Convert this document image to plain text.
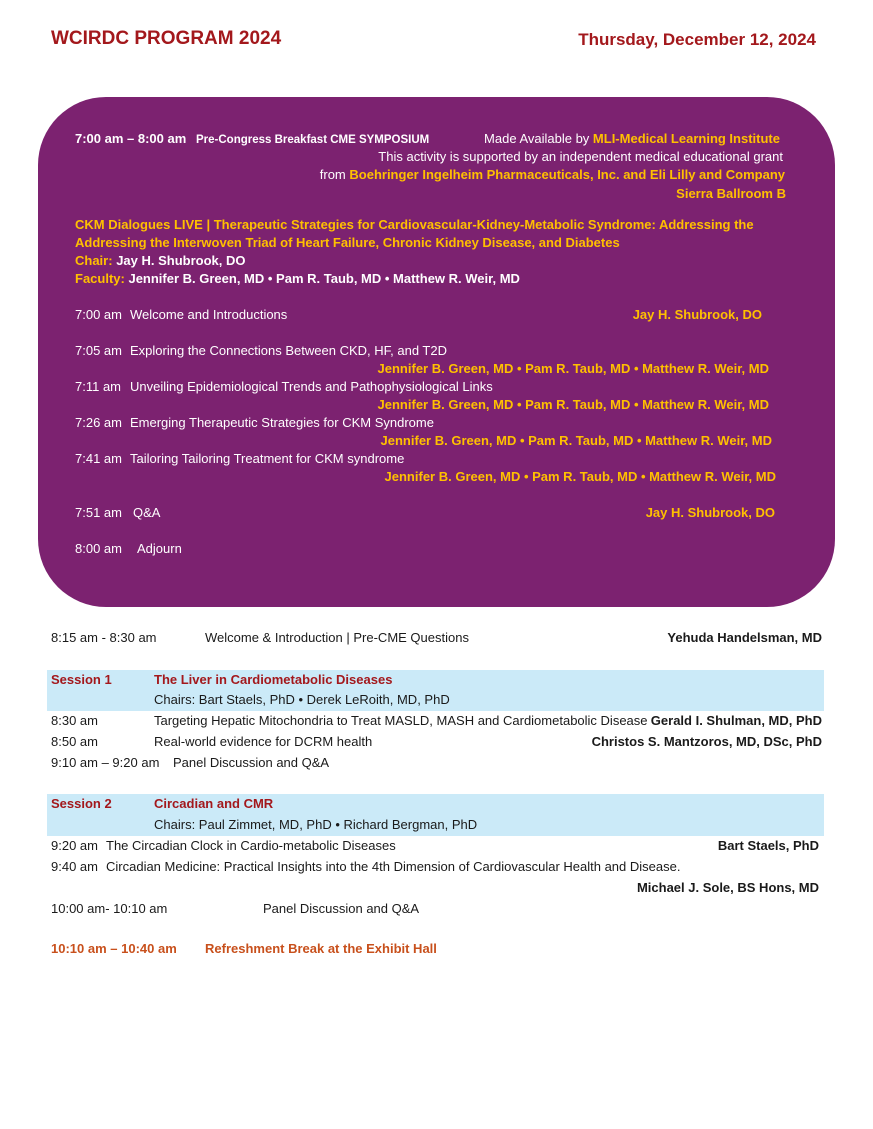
WCIRDC PROGRAM 2024	Thursday, December 12, 2024
7:00 am – 8:00 am Pre-Congress Breakfast CME SYMPOSIUM	Made Available by MLI-Medical Learning Institute
This activity is supported by an independent medical educational grant
from Boehringer Ingelheim Pharmaceuticals, Inc. and Eli Lilly and Company
Sierra Ballroom B
CKM Dialogues LIVE | Therapeutic Strategies for Cardiovascular-Kidney-Metabolic Syndrome: Addressing the
Addressing the Interwoven Triad of Heart Failure, Chronic Kidney Disease, and Diabetes
Chair: Jay H. Shubrook, DO
Faculty: Jennifer B. Green, MD • Pam R. Taub, MD • Matthew R. Weir, MD
7:00 am Welcome and Introductions	Jay H. Shubrook, DO
7:05 am Exploring the Connections Between CKD, HF, and T2D
Jennifer B. Green, MD • Pam R. Taub, MD • Matthew R. Weir, MD
7:11 am Unveiling Epidemiological Trends and Pathophysiological Links
Jennifer B. Green, MD • Pam R. Taub, MD • Matthew R. Weir, MD
7:26 am Emerging Therapeutic Strategies for CKM Syndrome
Jennifer B. Green, MD • Pam R. Taub, MD • Matthew R. Weir, MD
7:41 am Tailoring Tailoring Treatment for CKM syndrome
Jennifer B. Green, MD • Pam R. Taub, MD • Matthew R. Weir, MD
7:51 am Q&A	Jay H. Shubrook, DO
8:00 am Adjourn
8:15 am - 8:30 am	Welcome & Introduction | Pre-CME Questions	Yehuda Handelsman, MD
Session 1	The Liver in Cardiometabolic Diseases
Chairs: Bart Staels, PhD • Derek LeRoith, MD, PhD
8:30 am	Targeting Hepatic Mitochondria to Treat MASLD, MASH and Cardiometabolic Disease Gerald I. Shulman, MD, PhD
8:50 am	Real-world evidence for DCRM health	Christos S. Mantzoros, MD, DSc, PhD
9:10 am – 9:20 am Panel Discussion and Q&A
Session 2	Circadian and CMR
Chairs: Paul Zimmet, MD, PhD • Richard Bergman, PhD
9:20 am The Circadian Clock in Cardio-metabolic Diseases	Bart Staels, PhD
9:40 am Circadian Medicine: Practical Insights into the 4th Dimension of Cardiovascular Health and Disease.
Michael J. Sole, BS Hons, MD
10:00 am- 10:10 am	Panel Discussion and Q&A
10:10 am – 10:40 am Refreshment Break at the Exhibit Hall
